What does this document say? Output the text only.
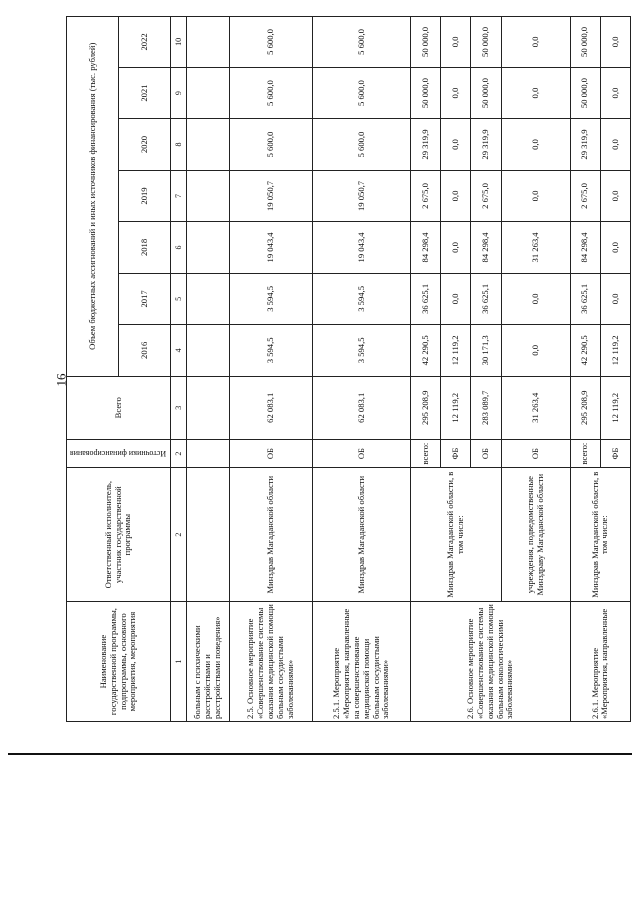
16
Наименование государственной программы, подпрограммы, основного мероприятия, мероприятия	Ответственный исполнитель, участник государственной программы	Источники финансирования	Всего	Объем бюджетных ассигнований и иных источников финансирования (тыс. рублей)						
				2016	2017	2018	2019	2020	2021	2022
1	2	2	3	4	5	6	7	8	9	10
больным с психическими расстройствами и расстройствами поведения»										
2.5. Основное мероприятие «Совершенствование системы оказания медицинской помощи больным сосудистыми заболеваниями»	Минздрав Магаданской области	ОБ	62 083,1	3 594,5	3 594,5	19 043,4	19 050,7	5 600,0	5 600,0	5 600,0
2.5.1. Мероприятие «Мероприятия, направленные на совершенствование медицинской помощи больным сосудистыми заболеваниями»	Минздрав Магаданской области	ОБ	62 083,1	3 594,5	3 594,5	19 043,4	19 050,7	5 600,0	5 600,0	5 600,0
2.6. Основное мероприятие «Совершенствование системы оказания медицинской помощи больным онкологическими заболеваниями»	Минздрав Магаданской области, в том числе:	всего:	295 208,9	42 290,5	36 625,1	84 298,4	2 675,0	29 319,9	50 000,0	50 000,0
		ФБ	12 119,2	12 119,2	0,0	0,0	0,0	0,0	0,0	0,0
		ОБ	283 089,7	30 171,3	36 625,1	84 298,4	2 675,0	29 319,9	50 000,0	50 000,0
	учреждения, подведомственные Минздраву Магаданской области	ОБ	31 263,4	0,0	0,0	31 263,4	0,0	0,0	0,0	0,0
2.6.1. Мероприятие «Мероприятия, направленные	Минздрав Магаданской области, в том числе:	всего:	295 208,9	42 290,5	36 625,1	84 298,4	2 675,0	29 319,9	50 000,0	50 000,0
		ФБ	12 119,2	12 119,2	0,0	0,0	0,0	0,0	0,0	0,0
